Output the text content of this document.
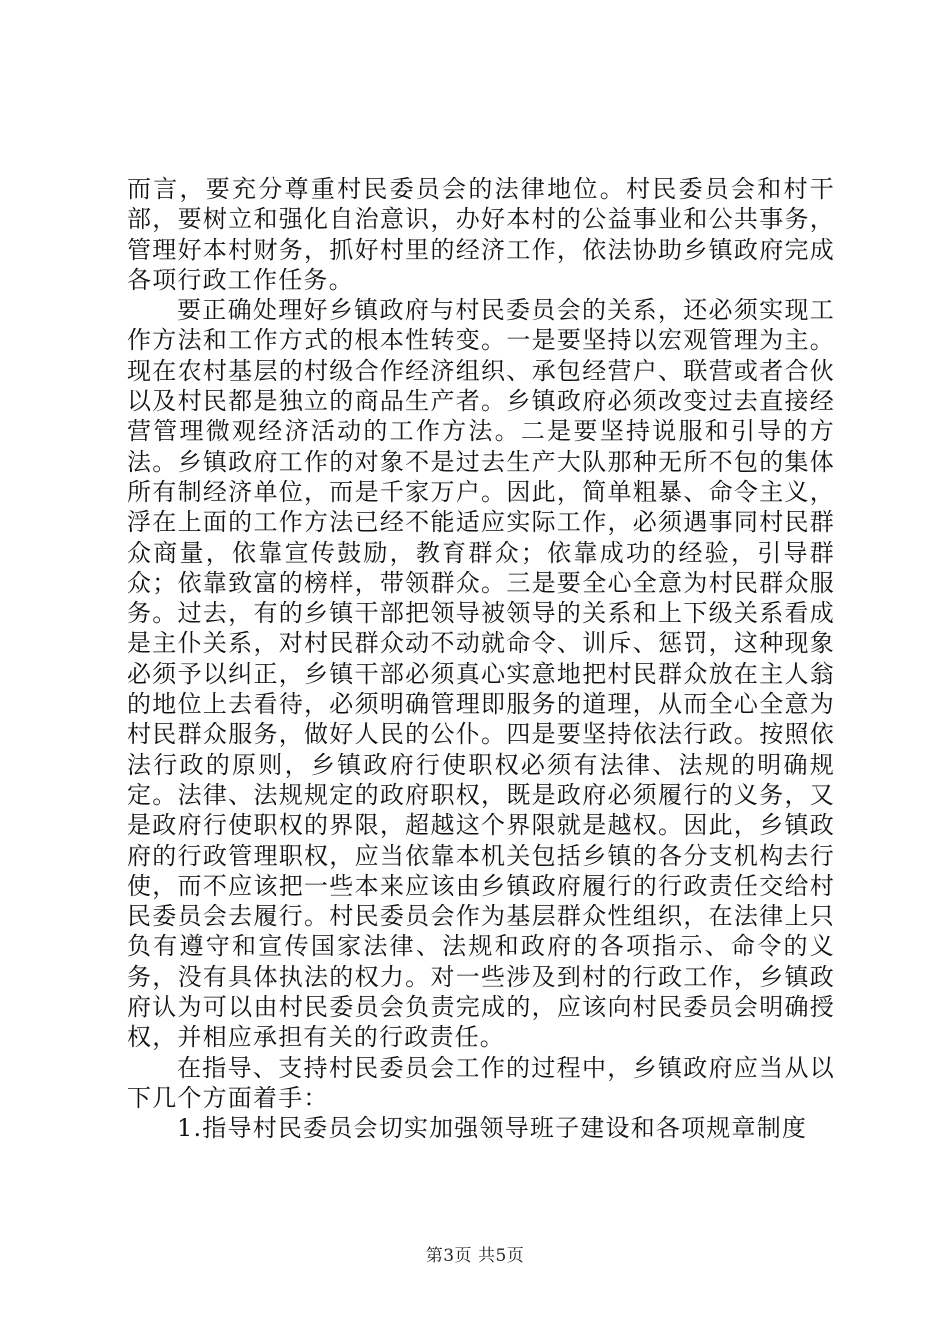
而言，要充分尊重村民委员会的法律地位。村民委员会和村干部，要树立和强化自治意识，办好本村的公益事业和公共事务，管理好本村财务，抓好村里的经济工作，依法协助乡镇政府完成各项行政工作任务。

要正确处理好乡镇政府与村民委员会的关系，还必须实现工作方法和工作方式的根本性转变。一是要坚持以宏观管理为主。现在农村基层的村级合作经济组织、承包经营户、联营或者合伙以及村民都是独立的商品生产者。乡镇政府必须改变过去直接经营管理微观经济活动的工作方法。二是要坚持说服和引导的方法。乡镇政府工作的对象不是过去生产大队那种无所不包的集体所有制经济单位，而是千家万户。因此，简单粗暴、命令主义，浮在上面的工作方法已经不能适应实际工作，必须遇事同村民群众商量，依靠宣传鼓励，教育群众；依靠成功的经验，引导群众；依靠致富的榜样，带领群众。三是要全心全意为村民群众服务。过去，有的乡镇干部把领导被领导的关系和上下级关系看成是主仆关系，对村民群众动不动就命令、训斥、惩罚，这种现象必须予以纠正，乡镇干部必须真心实意地把村民群众放在主人翁的地位上去看待，必须明确管理即服务的道理，从而全心全意为村民群众服务，做好人民的公仆。四是要坚持依法行政。按照依法行政的原则，乡镇政府行使职权必须有法律、法规的明确规定。法律、法规规定的政府职权，既是政府必须履行的义务，又是政府行使职权的界限，超越这个界限就是越权。因此，乡镇政府的行政管理职权，应当依靠本机关包括乡镇的各分支机构去行使，而不应该把一些本来应该由乡镇政府履行的行政责任交给村民委员会去履行。村民委员会作为基层群众性组织，在法律上只负有遵守和宣传国家法律、法规和政府的各项指示、命令的义务，没有具体执法的权力。对一些涉及到村的行政工作，乡镇政府认为可以由村民委员会负责完成的，应该向村民委员会明确授权，并相应承担有关的行政责任。

在指导、支持村民委员会工作的过程中，乡镇政府应当从以下几个方面着手：

1.指导村民委员会切实加强领导班子建设和各项规章制度

第3页 共5页
